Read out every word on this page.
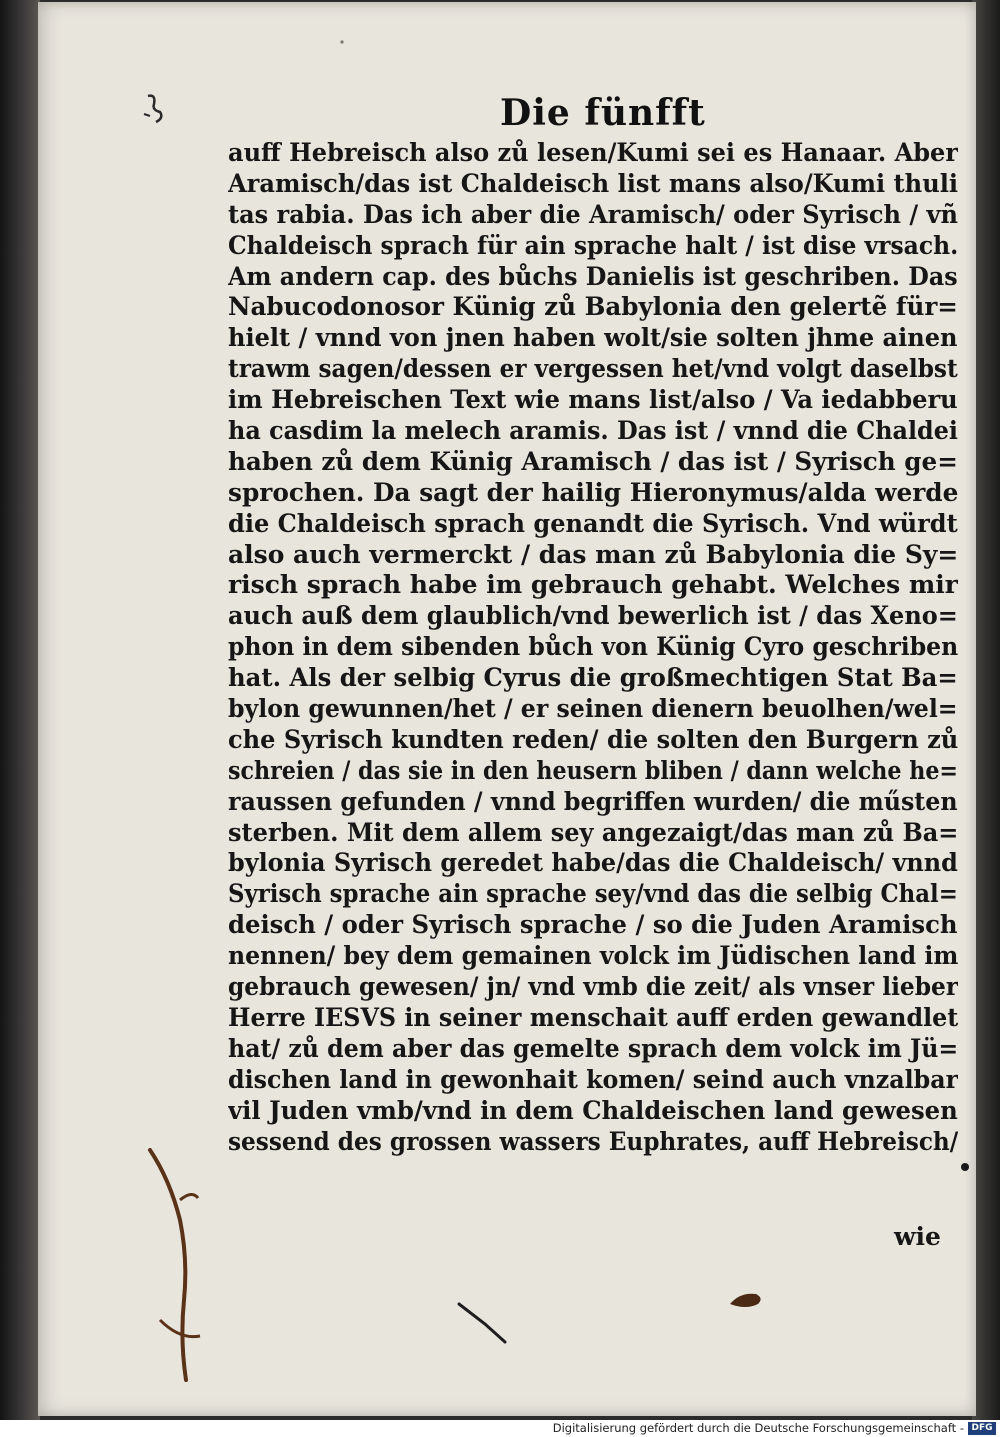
Die fünfft
auff Hebreisch also zů lesen/Kumi sei es Hanaar. Aber
Aramisch/das ist Chaldeisch list mans also/Kumi thuli
tas rabia. Das ich aber die Aramisch/ oder Syrisch / vñ
Chaldeisch sprach für ain sprache halt / ist dise vrsach.
Am andern cap. des bůchs Danielis ist geschriben. Das
Nabucodonosor Künig zů Babylonia den gelertẽ für=
hielt / vnnd von jnen haben wolt/sie solten jhme ainen
trawm sagen/dessen er vergessen het/vnd volgt daselbst
im Hebreischen Text wie mans list/also / Va iedabberu
ha casdim la melech aramis. Das ist / vnnd die Chaldei
haben zů dem Künig Aramisch / das ist / Syrisch ge=
sprochen. Da sagt der hailig Hieronymus/alda werde
die Chaldeisch sprach genandt die Syrisch. Vnd würdt
also auch vermerckt / das man zů Babylonia die Sy=
risch sprach habe im gebrauch gehabt. Welches mir
auch auß dem glaublich/vnd bewerlich ist / das Xeno=
phon in dem sibenden bůch von Künig Cyro geschriben
hat. Als der selbig Cyrus die großmechtigen Stat Ba=
bylon gewunnen/het / er seinen dienern beuolhen/wel=
che Syrisch kundten reden/ die solten den Burgern zů
schreien / das sie in den heusern bliben / dann welche he=
raussen gefunden / vnnd begriffen wurden/ die műsten
sterben. Mit dem allem sey angezaigt/das man zů Ba=
bylonia Syrisch geredet habe/das die Chaldeisch/ vnnd
Syrisch sprache ain sprache sey/vnd das die selbig Chal=
deisch / oder Syrisch sprache / so die Juden Aramisch
nennen/ bey dem gemainen volck im Jüdischen land im
gebrauch gewesen/ jn/ vnd vmb die zeit/ als vnser lieber
Herre IESVS in seiner menschait auff erden gewandlet
hat/ zů dem aber das gemelte sprach dem volck im Jü=
dischen land in gewonhait komen/ seind auch vnzalbar
vil Juden vmb/vnd in dem Chaldeischen land gewesen
sessend des grossen wassers Euphrates, auff Hebreisch/
wie
Digitalisierung gefördert durch die Deutsche Forschungsgemeinschaft - DFG
